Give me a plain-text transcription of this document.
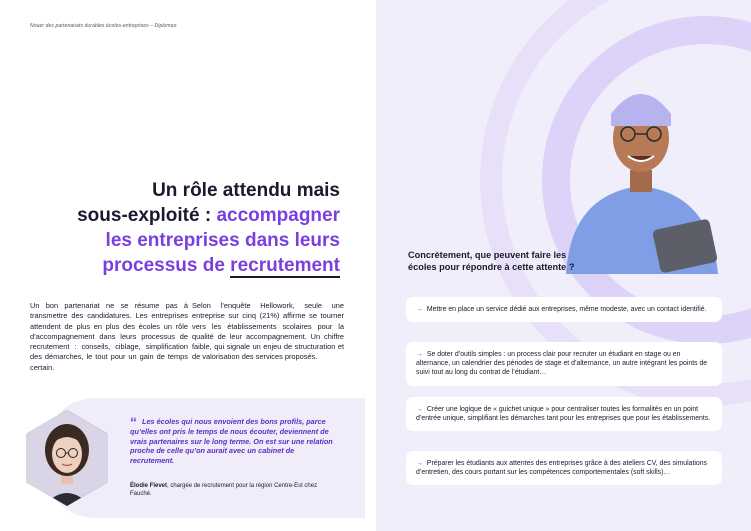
Nouer des partenariats durables écoles-entreprises – Diplomeo
Un rôle attendu mais
sous-exploité : accompagner
les entreprises dans leurs
processus de recrutement
Un bon partenariat ne se résume pas à transmettre des candidatures. Les entreprises attendent de plus en plus des écoles un rôle d’accompagnement dans leurs processus de recrutement : conseils, ciblage, simplification des démarches, le tout pour un gain de temps certain.
Selon l’enquête Hellowork, seule une entreprise sur cinq (21%) affirme se tourner vers les établissements scolaires pour la qualité de leur accompagnement. Un chiffre faible, qui signale un enjeu de structuration et de valorisation des services proposés.
“ Les écoles qui nous envoient des bons profils, parce qu’elles ont pris le temps de nous écouter, deviennent de vrais partenaires sur le long terme. On est sur une relation proche de celle qu’on aurait avec un cabinet de recrutement.
Élodie Flevet, chargée de recrutement pour la région Centre-Est chez Fauché.
Concrètement, que peuvent faire les écoles pour répondre à cette attente ?
→ Mettre en place un service dédié aux entreprises, même modeste, avec un contact identifié.
→ Se doter d’outils simples : un process clair pour recruter un étudiant en stage ou en alternance, un calendrier des périodes de stage et d’alternance, un autre intégrant les points de suivi tout au long du contrat de l’étudiant…
→ Créer une logique de « guichet unique » pour centraliser toutes les formalités en un point d’entrée unique, simplifiant les démarches tant pour les entreprises que pour les établissements.
→ Préparer les étudiants aux attentes des entreprises grâce à des ateliers CV, des simulations d’entretien, des cours portant sur les compétences comportementales (soft skills)…
